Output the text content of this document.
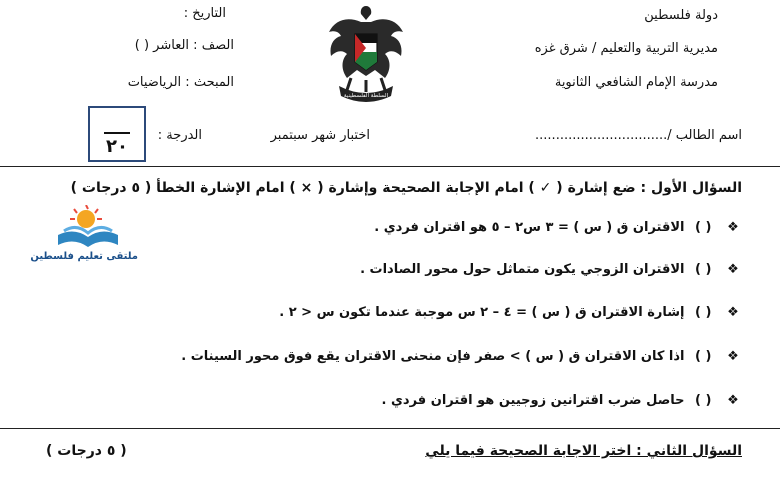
دولة فلسطين
مديرية التربية والتعليم / شرق غزه
مدرسة الإمام الشافعي الثانوية
اسم الطالب /................................
التاريخ :
الصف : العاشر ( )
المبحث : الرياضيات
اختبار شهر سبتمبر
الدرجة :
٢٠
السلطة الفلسطينية
السؤال الأول : ضع إشارة ( ✓ ) امام الإجابة الصحيحة وإشارة ( × ) امام الإشارة الخطأ ( ٥ درجات )
ملتقى تعليم فلسطين
❖ ( ) الاقتران ق ( س ) = ٣ س٢ – ٥ هو اقتران فردي .
❖ ( ) الاقتران الزوجي يكون متماثل حول محور الصادات .
❖ ( ) إشارة الاقتران ق ( س ) = ٤ – ٢ س موجبة عندما تكون س < ٢ .
❖ ( ) اذا كان الاقتران ق ( س ) > صفر فإن منحنى الاقتران يقع فوق محور السينات .
❖ ( ) حاصل ضرب اقترانين زوجيين هو اقتران فردي .
السؤال الثاني : اختر الاجابة الصحيحة فيما يلي
( ٥ درجات )
